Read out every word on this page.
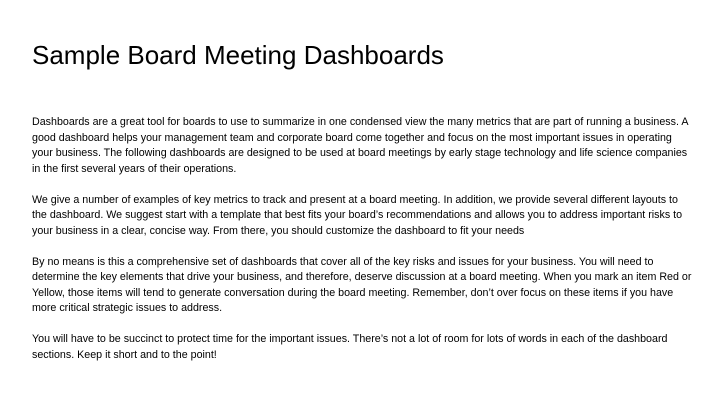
Sample Board Meeting Dashboards

Dashboards are a great tool for boards to use to summarize in one condensed view the many metrics that are part of running a business. A good dashboard helps your management team and corporate board come together and focus on the most important issues in operating your business. The following dashboards are designed to be used at board meetings by early stage technology and life science companies in the first several years of their operations.

We give a number of examples of key metrics to track and present at a board meeting. In addition, we provide several different layouts to the dashboard. We suggest start with a template that best fits your board’s recommendations and allows you to address important risks to your business in a clear, concise way. From there, you should customize the dashboard to fit your needs

By no means is this a comprehensive set of dashboards that cover all of the key risks and issues for your business. You will need to determine the key elements that drive your business, and therefore, deserve discussion at a board meeting. When you mark an item Red or Yellow, those items will tend to generate conversation during the board meeting. Remember, don’t over focus on these items if you have more critical strategic issues to address.

You will have to be succinct to protect time for the important issues. There’s not a lot of room for lots of words in each of the dashboard sections. Keep it short and to the point!
